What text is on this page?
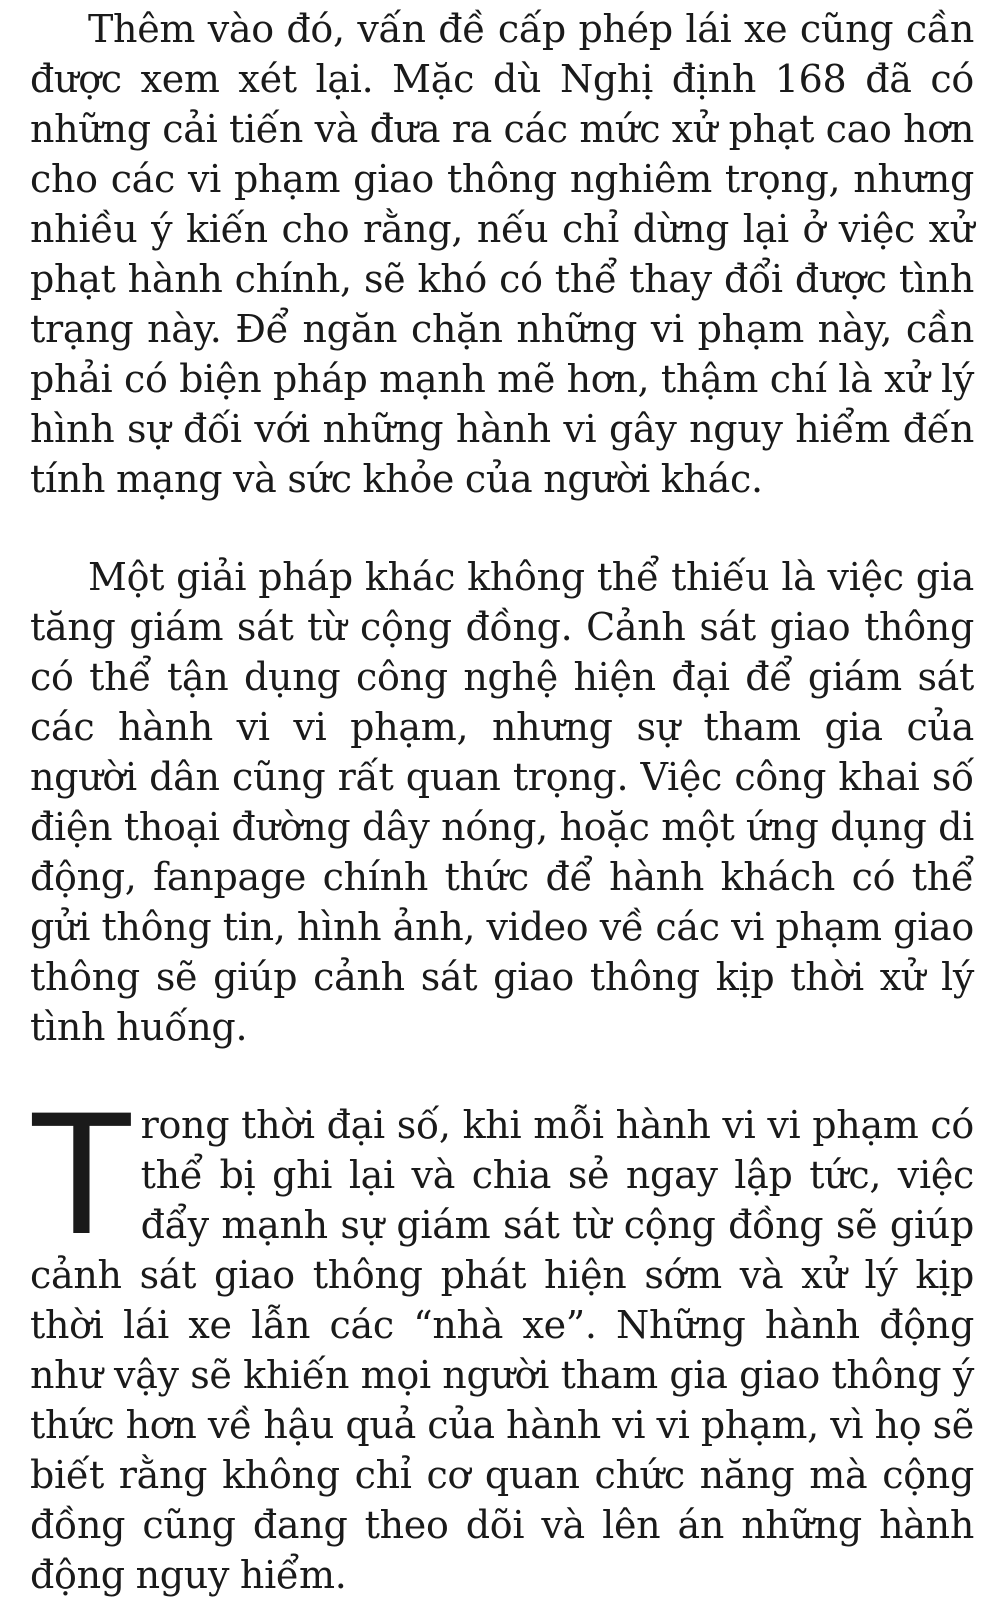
Thêm vào đó, vấn đề cấp phép lái xe cũng cần được xem xét lại. Mặc dù Nghị định 168 đã có những cải tiến và đưa ra các mức xử phạt cao hơn cho các vi phạm giao thông nghiêm trọng, nhưng nhiều ý kiến cho rằng, nếu chỉ dừng lại ở việc xử phạt hành chính, sẽ khó có thể thay đổi được tình trạng này. Để ngăn chặn những vi phạm này, cần phải có biện pháp mạnh mẽ hơn, thậm chí là xử lý hình sự đối với những hành vi gây nguy hiểm đến tính mạng và sức khỏe của người khác.

Một giải pháp khác không thể thiếu là việc gia tăng giám sát từ cộng đồng. Cảnh sát giao thông có thể tận dụng công nghệ hiện đại để giám sát các hành vi vi phạm, nhưng sự tham gia của người dân cũng rất quan trọng. Việc công khai số điện thoại đường dây nóng, hoặc một ứng dụng di động, fanpage chính thức để hành khách có thể gửi thông tin, hình ảnh, video về các vi phạm giao thông sẽ giúp cảnh sát giao thông kịp thời xử lý tình huống.

Trong thời đại số, khi mỗi hành vi vi phạm có thể bị ghi lại và chia sẻ ngay lập tức, việc đẩy mạnh sự giám sát từ cộng đồng sẽ giúp cảnh sát giao thông phát hiện sớm và xử lý kịp thời lái xe lẫn các “nhà xe”. Những hành động như vậy sẽ khiến mọi người tham gia giao thông ý thức hơn về hậu quả của hành vi vi phạm, vì họ sẽ biết rằng không chỉ cơ quan chức năng mà cộng đồng cũng đang theo dõi và lên án những hành động nguy hiểm.
